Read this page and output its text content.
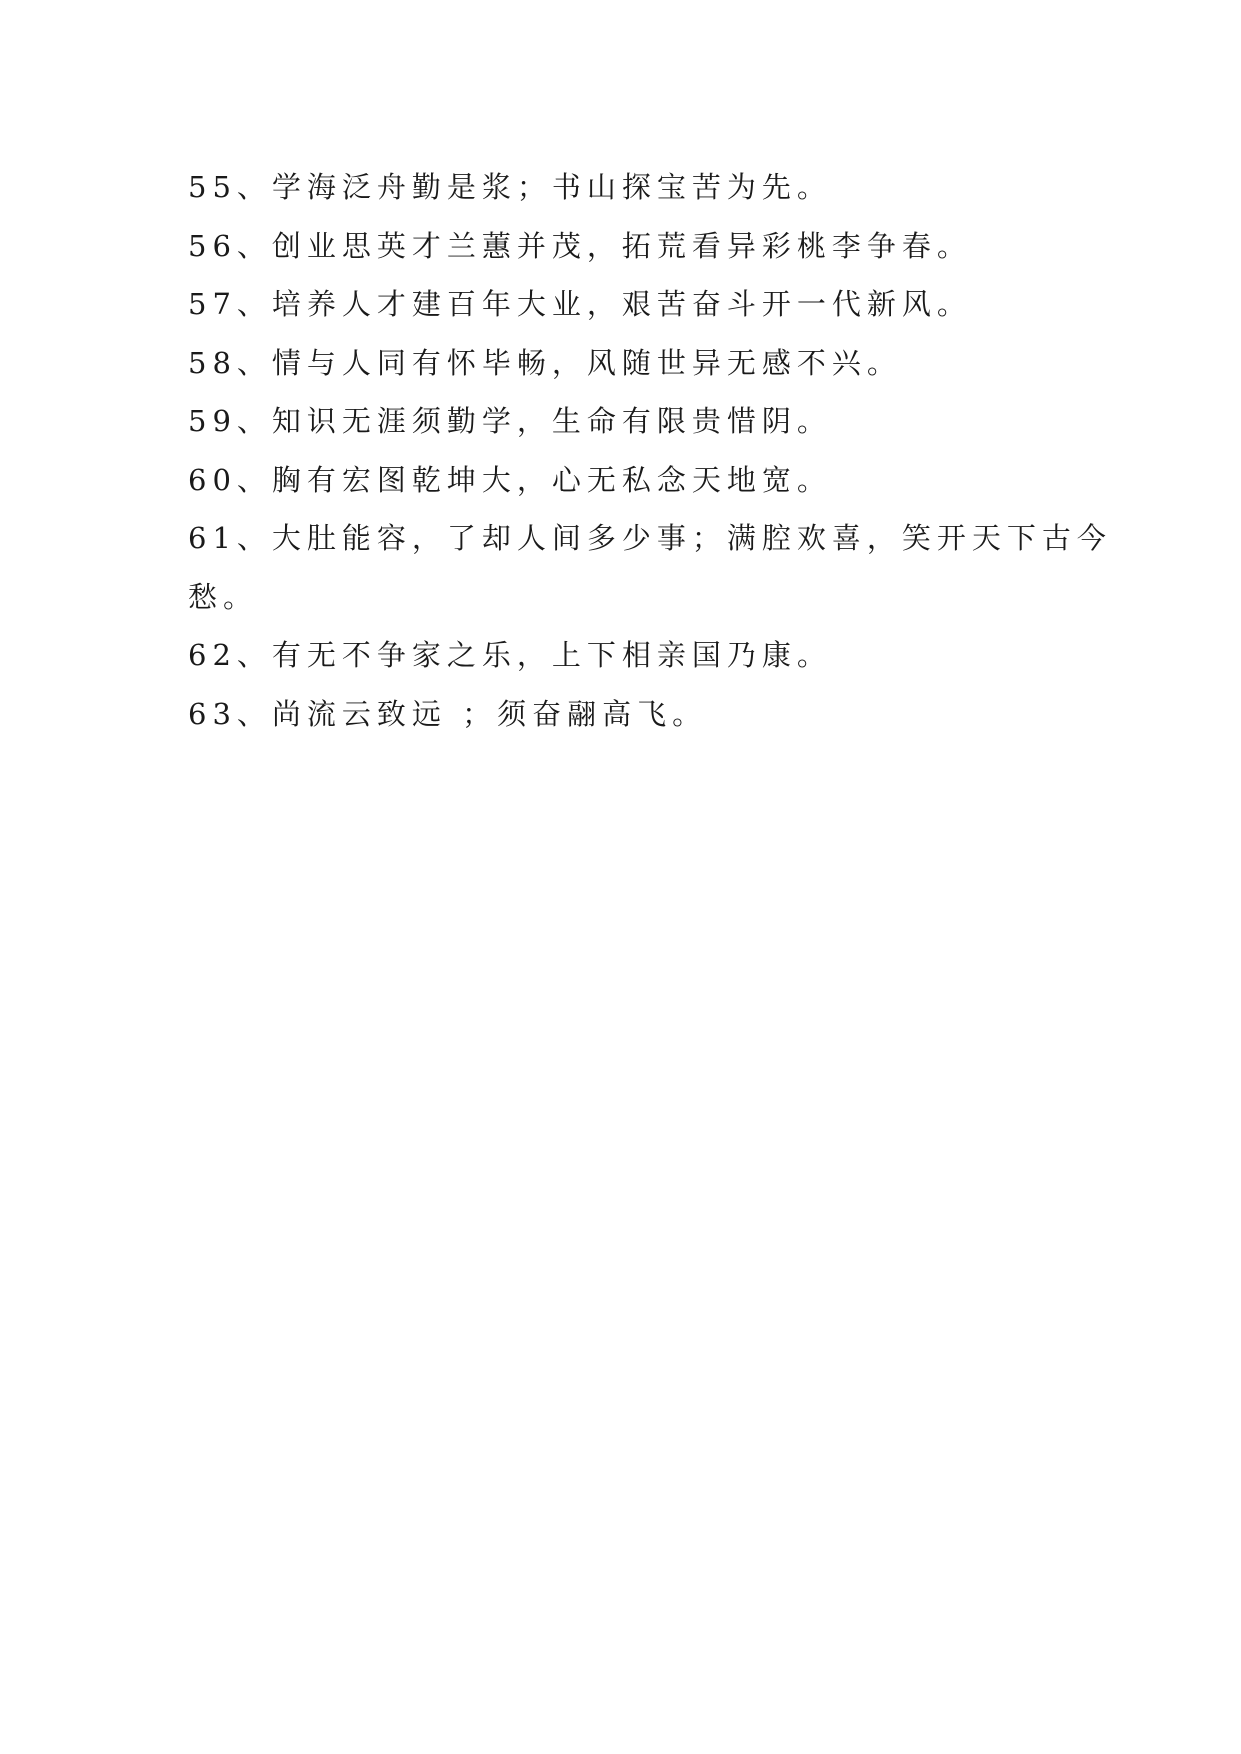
55、学海泛舟勤是浆；书山探宝苦为先。
56、创业思英才兰蕙并茂，拓荒看异彩桃李争春。
57、培养人才建百年大业，艰苦奋斗开一代新风。
58、情与人同有怀毕畅，风随世异无感不兴。
59、知识无涯须勤学，生命有限贵惜阴。
60、胸有宏图乾坤大，心无私念天地宽。
61、大肚能容，了却人间多少事；满腔欢喜，笑开天下古今
愁。
62、有无不争家之乐，上下相亲国乃康。
63、尚流云致远 ；须奋翮高飞。
